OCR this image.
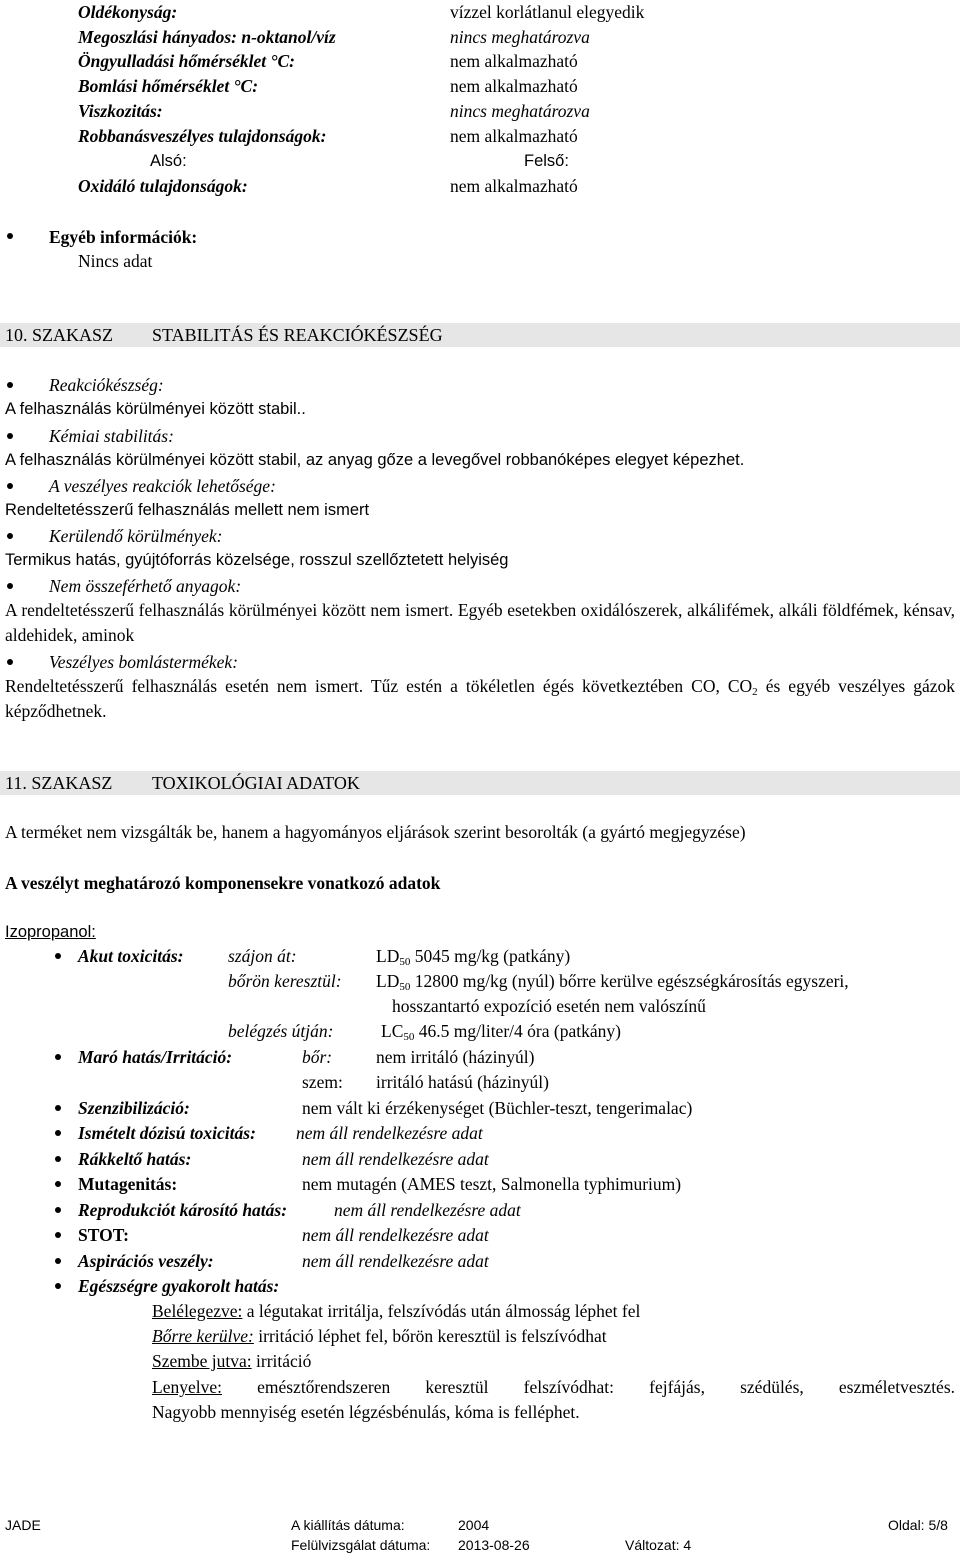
Oldékonyság:	vízzel korlátlanul elegyedik
Megoszlási hányados: n-oktanol/víz	nincs meghatározva
Öngyulladási hőmérséklet °C:	nem alkalmazható
Bomlási hőmérséklet °C:	nem alkalmazható
Viszkozitás:	nincs meghatározva
Robbanásveszélyes tulajdonságok:	nem alkalmazható
Alsó:	Felső:
Oxidáló tulajdonságok:	nem alkalmazható
Egyéb információk:
Nincs adat
10. SZAKASZ STABILITÁS ÉS REAKCIÓKÉSZSÉG
Reakciókészség:
A felhasználás körülményei között stabil..
Kémiai stabilitás:
A felhasználás körülményei között stabil, az anyag gőze a levegővel robbanóképes elegyet képezhet.
A veszélyes reakciók lehetősége:
Rendeltetésszerű felhasználás mellett nem ismert
Kerülendő körülmények:
Termikus hatás, gyújtóforrás közelsége, rosszul szellőztetett helyiség
Nem összeférhető anyagok:
A rendeltetésszerű felhasználás körülményei között nem ismert. Egyéb esetekben oxidálószerek, alkálifémek, alkáli földfémek, kénsav, aldehidek, aminok
Veszélyes bomlástermékek:
Rendeltetésszerű felhasználás esetén nem ismert. Tűz estén a tökéletlen égés következtében CO, $CO_2$ és egyéb veszélyes gázok képződhetnek.
11. SZAKASZ TOXIKOLÓGIAI ADATOK
A terméket nem vizsgálták be, hanem a hagyományos eljárások szerint besorolták (a gyártó megjegyzése)
A veszélyt meghatározó komponensekre vonatkozó adatok
Izopropanol:
Akut toxicitás:	szájon át:	$LD_{50}$ 5045 mg/kg (patkány)
bőrön keresztül: $LD_{50}$ 12800 mg/kg (nyúl) bőrre kerülve egészségkárosítás egyszeri,
hosszantartó expozíció esetén nem valószínű
belégzés útján:	$LC_{50}$ 46.5 mg/liter/4 óra (patkány)
Maró hatás/Irritáció:	bőr:	nem irritáló (házinyúl)
szem: irritáló hatású (házinyúl)
Szenzibilizáció:	nem vált ki érzékenységet (Büchler-teszt, tengerimalac)
Ismételt dózisú toxicitás: nem áll rendelkezésre adat
Rákkeltő hatás:	nem áll rendelkezésre adat
Mutagenitás:	nem mutagén (AMES teszt, Salmonella typhimurium)
Reprodukciót károsító hatás:	nem áll rendelkezésre adat
STOT:	nem áll rendelkezésre adat
Aspirációs veszély:	nem áll rendelkezésre adat
Egészségre gyakorolt hatás:
Belélegezve: a légutakat irritálja, felszívódás után álmosság léphet fel
Bőrre kerülve: irritáció léphet fel, bőrön keresztül is felszívódhat
Szembe jutva: irritáció
Lenyelve: emésztőrendszeren keresztül felszívódhat: fejfájás, szédülés, eszméletvesztés.
Nagyobb mennyiség esetén légzésbénulás, kóma is felléphet.
JADE	A kiállítás dátuma:	2004	Oldal: 5/8
Felülvizsgálat dátuma: 2013-08-26	Változat: 4
